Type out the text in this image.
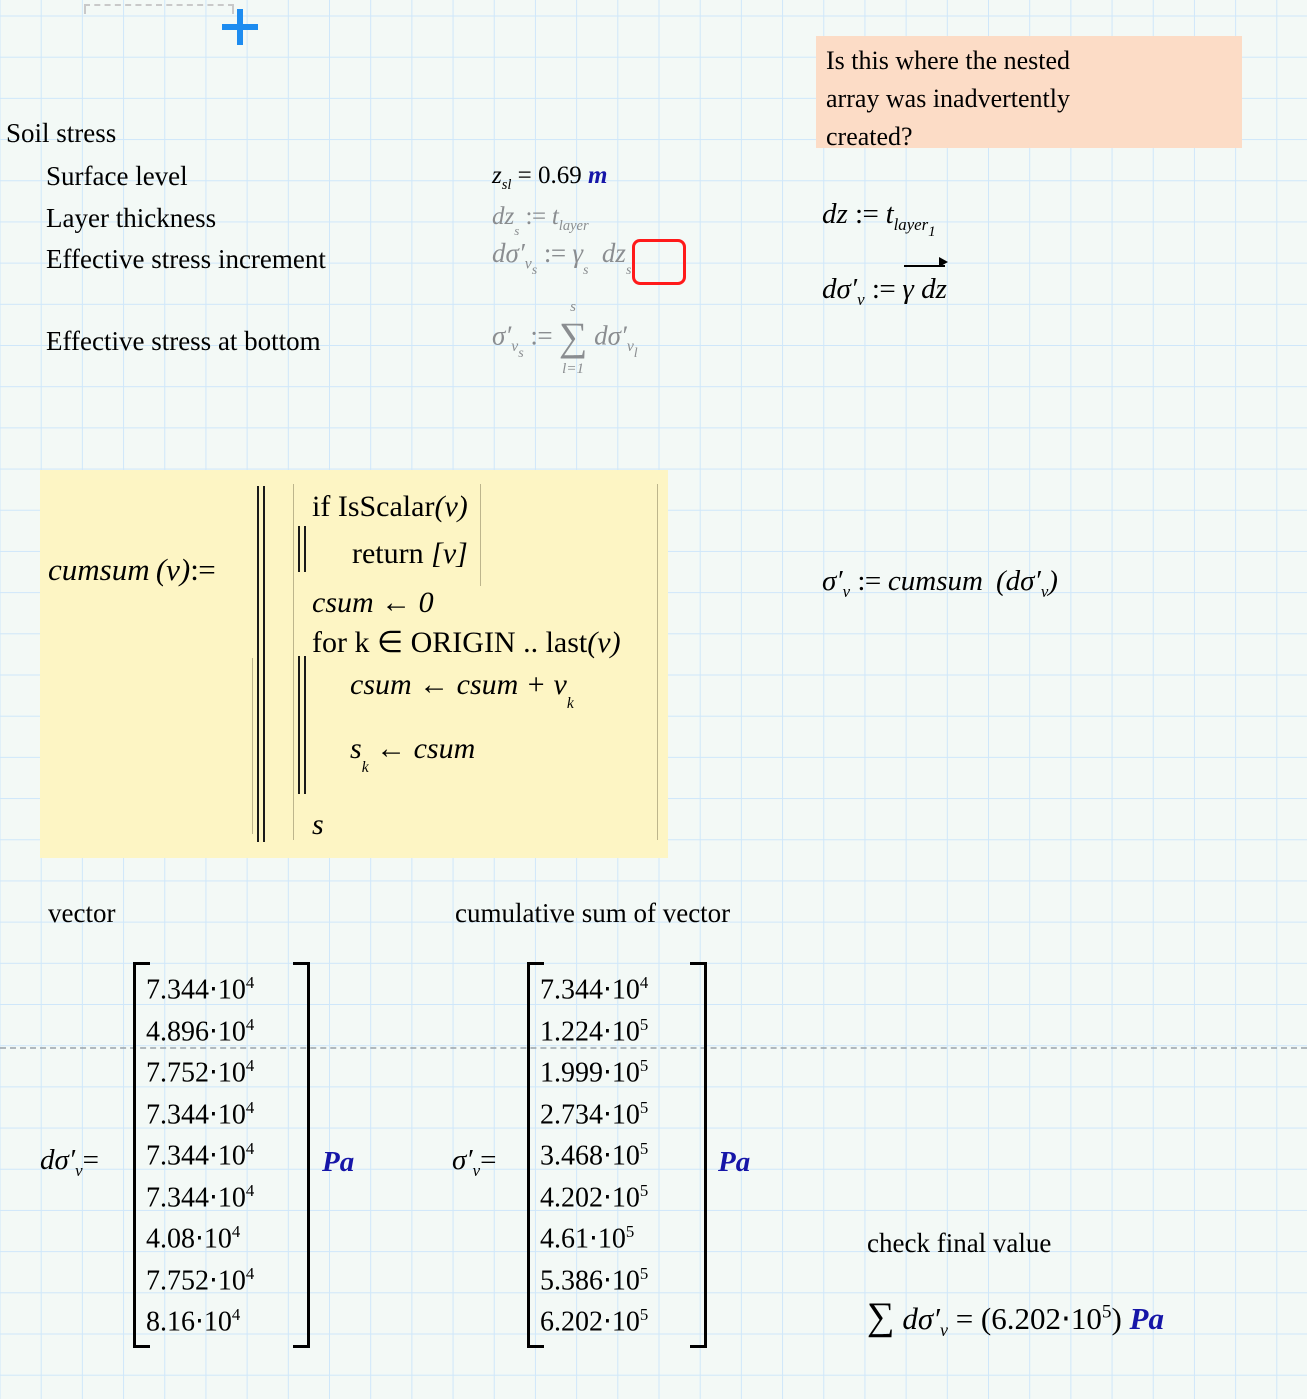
Soil stress
Surface level
Layer thickness
Effective stress increment
Effective stress at bottom
$z_{sl} = 0.69$ m
$dz_s$ := $t_{layer}$
$d\sigma'_{vs}$ := $\gamma_s$  $dz_s$
$\sigma'_{vs}$ :=
s
∑
l=1
$d\sigma'_{vl}$
Is this where the nested
array was inadvertently
created?
dz := $t_{layer1}$
$d\sigma'_v$ := γ dz
cumsum (v):=
if IsScalar(v)
return [v]
csum ← 0
for k ∈ ORIGIN .. last(v)
csum ← csum + $v_k$
$s_k$ ← csum
s
$\sigma'_v$ := cumsum  $(d\sigma'_v)$
vector	cumulative sum of vector
$d\sigma'_v=$
$7.344\cdot 10^4$
$4.896\cdot 10^4$
$7.752\cdot 10^4$
$7.344\cdot 10^4$
$7.344\cdot 10^4$
$7.344\cdot 10^4$
$4.08\cdot 10^4$
$7.752\cdot 10^4$
$8.16\cdot 10^4$
Pa	$\sigma'_v=$
$7.344\cdot 10^4$
$1.224\cdot 10^5$
$1.999\cdot 10^5$
$2.734\cdot 10^5$
$3.468\cdot 10^5$
$4.202\cdot 10^5$
$4.61\cdot 10^5$
$5.386\cdot 10^5$
$6.202\cdot 10^5$
Pa
check final value
∑ $d\sigma'_v = (6.202\cdot 10^5)$ Pa
